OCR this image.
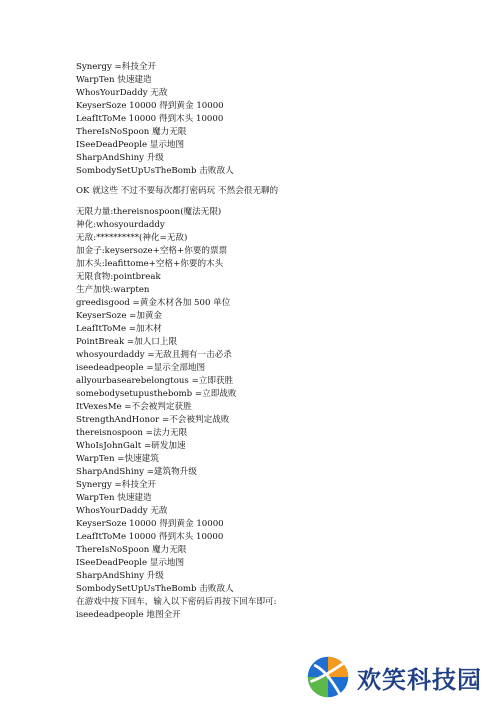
Synergy =科技全开
WarpTen 快速建造
WhosYourDaddy 无敌
KeyserSoze 10000 得到黄金 10000
LeafItToMe 10000 得到木头 10000
ThereIsNoSpoon 魔力无限
ISeeDeadPeople 显示地图
SharpAndShiny 升级
SombodySetUpUsTheBomb 击败敌人
OK 就这些 不过不要每次都打密码玩 不然会很无聊的
无限力量:thereisnospoon(魔法无限)
神化:whosyourdaddy
无敌:**********(神化=无敌)
加金子:keysersoze+空格+你要的票票
加木头:leafittome+空格+你要的木头
无限食物:pointbreak
生产加快:warpten
greedisgood =黄金木材各加 500 单位
KeyserSoze =加黄金
LeafItToMe =加木材
PointBreak =加人口上限
whosyourdaddy =无敌且拥有一击必杀
iseedeadpeople =显示全部地图
allyourbasearebelongtous =立即获胜
somebodysetupusthebomb =立即战败
ItVexesMe =不会被判定获胜
StrengthAndHonor =不会被判定战败
thereisnospoon =法力无限
WhoIsJohnGalt =研发加速
WarpTen =快速建筑
SharpAndShiny =建筑物升级
Synergy =科技全开
WarpTen 快速建造
WhosYourDaddy 无敌
KeyserSoze 10000 得到黄金 10000
LeafItToMe 10000 得到木头 10000
ThereIsNoSpoon 魔力无限
ISeeDeadPeople 显示地图
SharpAndShiny 升级
SombodySetUpUsTheBomb 击败敌人
在游戏中按下回车，输入以下密码后再按下回车即可:
iseedeadpeople 地图全开
欢笑科技园
